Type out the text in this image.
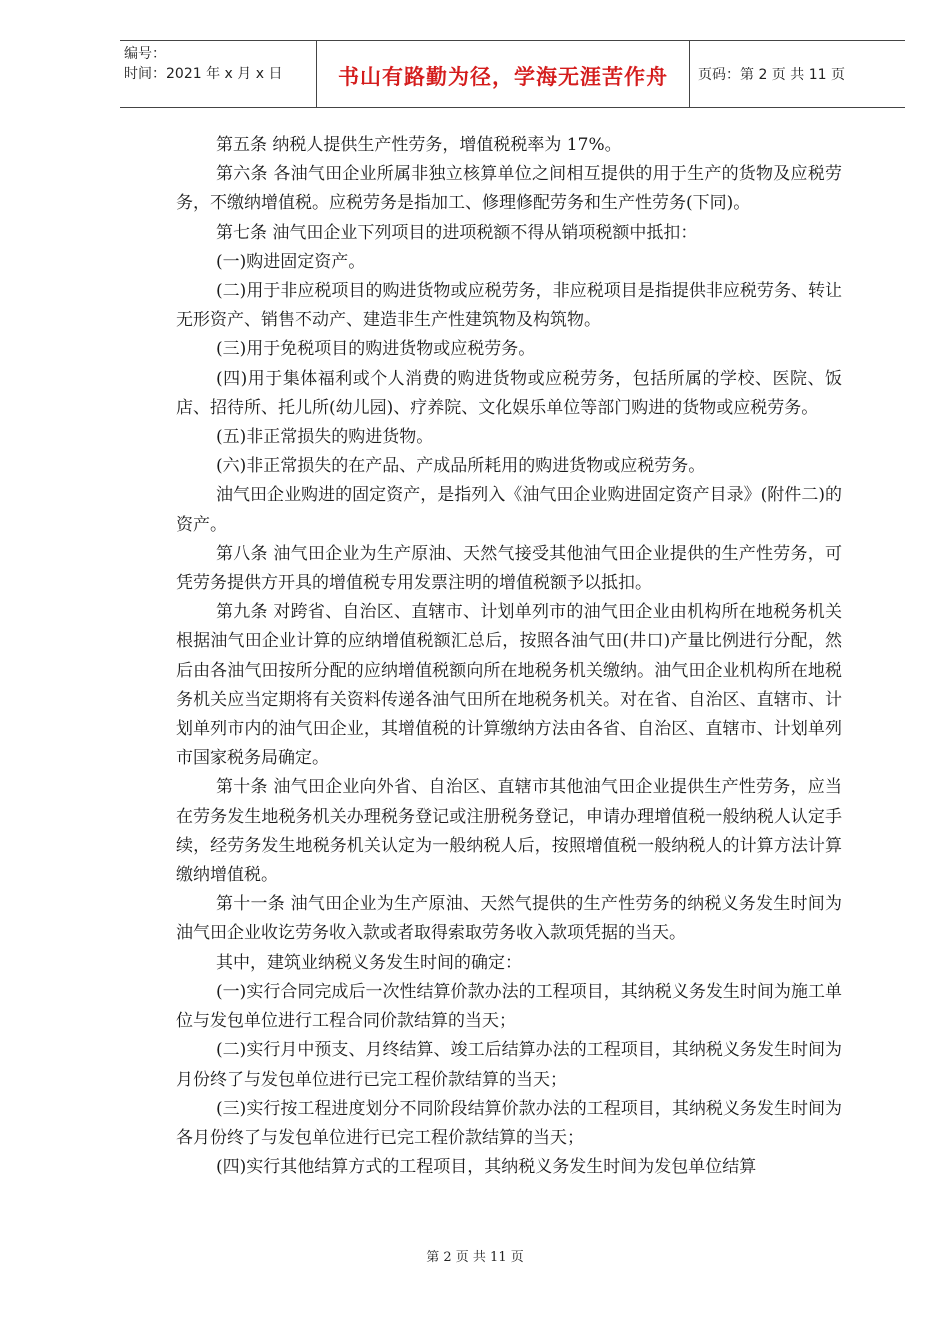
编号：
时间：2021 年 x 月 x 日	书山有路勤为径，学海无涯苦作舟 页码：第 2 页 共 11 页

第五条 纳税人提供生产性劳务，增值税税率为 17%。

第六条 各油气田企业所属非独立核算单位之间相互提供的用于生产的货物及应税劳务，不缴纳增值税。应税劳务是指加工、修理修配劳务和生产性劳务(下同)。

第七条 油气田企业下列项目的进项税额不得从销项税额中抵扣：

(一)购进固定资产。

(二)用于非应税项目的购进货物或应税劳务，非应税项目是指提供非应税劳务、转让无形资产、销售不动产、建造非生产性建筑物及构筑物。

(三)用于免税项目的购进货物或应税劳务。

(四)用于集体福利或个人消费的购进货物或应税劳务，包括所属的学校、医院、饭店、招待所、托儿所(幼儿园)、疗养院、文化娱乐单位等部门购进的货物或应税劳务。

(五)非正常损失的购进货物。

(六)非正常损失的在产品、产成品所耗用的购进货物或应税劳务。

油气田企业购进的固定资产，是指列入《油气田企业购进固定资产目录》(附件二)的资产。

第八条 油气田企业为生产原油、天然气接受其他油气田企业提供的生产性劳务，可凭劳务提供方开具的增值税专用发票注明的增值税额予以抵扣。

第九条 对跨省、自治区、直辖市、计划单列市的油气田企业由机构所在地税务机关根据油气田企业计算的应纳增值税额汇总后，按照各油气田(井口)产量比例进行分配，然后由各油气田按所分配的应纳增值税额向所在地税务机关缴纳。油气田企业机构所在地税务机关应当定期将有关资料传递各油气田所在地税务机关。对在省、自治区、直辖市、计划单列市内的油气田企业，其增值税的计算缴纳方法由各省、自治区、直辖市、计划单列市国家税务局确定。

第十条 油气田企业向外省、自治区、直辖市其他油气田企业提供生产性劳务，应当在劳务发生地税务机关办理税务登记或注册税务登记，申请办理增值税一般纳税人认定手续，经劳务发生地税务机关认定为一般纳税人后，按照增值税一般纳税人的计算方法计算缴纳增值税。

第十一条 油气田企业为生产原油、天然气提供的生产性劳务的纳税义务发生时间为油气田企业收讫劳务收入款或者取得索取劳务收入款项凭据的当天。

其中，建筑业纳税义务发生时间的确定：

(一)实行合同完成后一次性结算价款办法的工程项目，其纳税义务发生时间为施工单位与发包单位进行工程合同价款结算的当天；

(二)实行月中预支、月终结算、竣工后结算办法的工程项目，其纳税义务发生时间为月份终了与发包单位进行已完工程价款结算的当天；

(三)实行按工程进度划分不同阶段结算价款办法的工程项目，其纳税义务发生时间为各月份终了与发包单位进行已完工程价款结算的当天；

(四)实行其他结算方式的工程项目，其纳税义务发生时间为发包单位结算

第 2 页 共 11 页
